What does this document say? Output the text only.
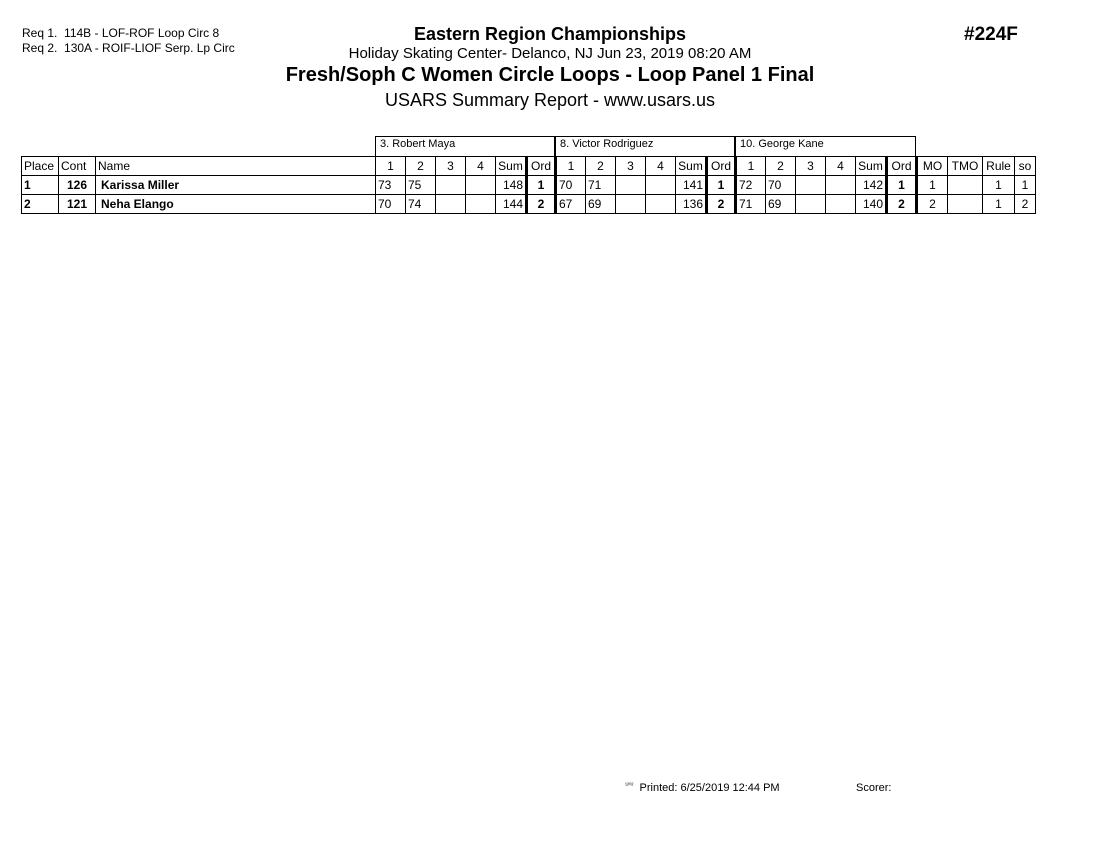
Req 1. 114B - LOF-ROF Loop Circ 8
Req 2. 130A - ROIF-LIOF Serp. Lp Circ
Eastern Region Championships
Holiday Skating Center- Delanco, NJ Jun 23, 2019 08:20 AM
Fresh/Soph C Women Circle Loops - Loop Panel 1 Final
USARS Summary Report - www.usars.us
#224F
3. Robert Maya	8. Victor Rodriguez	10. George Kane
Place	Cont	Name	1	2	3	4	Sum	Ord	1	2	3	4	Sum	Ord	1	2	3	4	Sum	Ord	MO	TMO	Rule	so
1	126	Karissa Miller	73	75			148	1	70	71			141	1	72	70			142	1	1		1	1
2	121	Neha Elango	70	74			144	2	67	69			136	2	71	69			140	2	2		1	2
$^{^{1202}}$ Printed: 6/25/2019 12:44 PM	Scorer:
